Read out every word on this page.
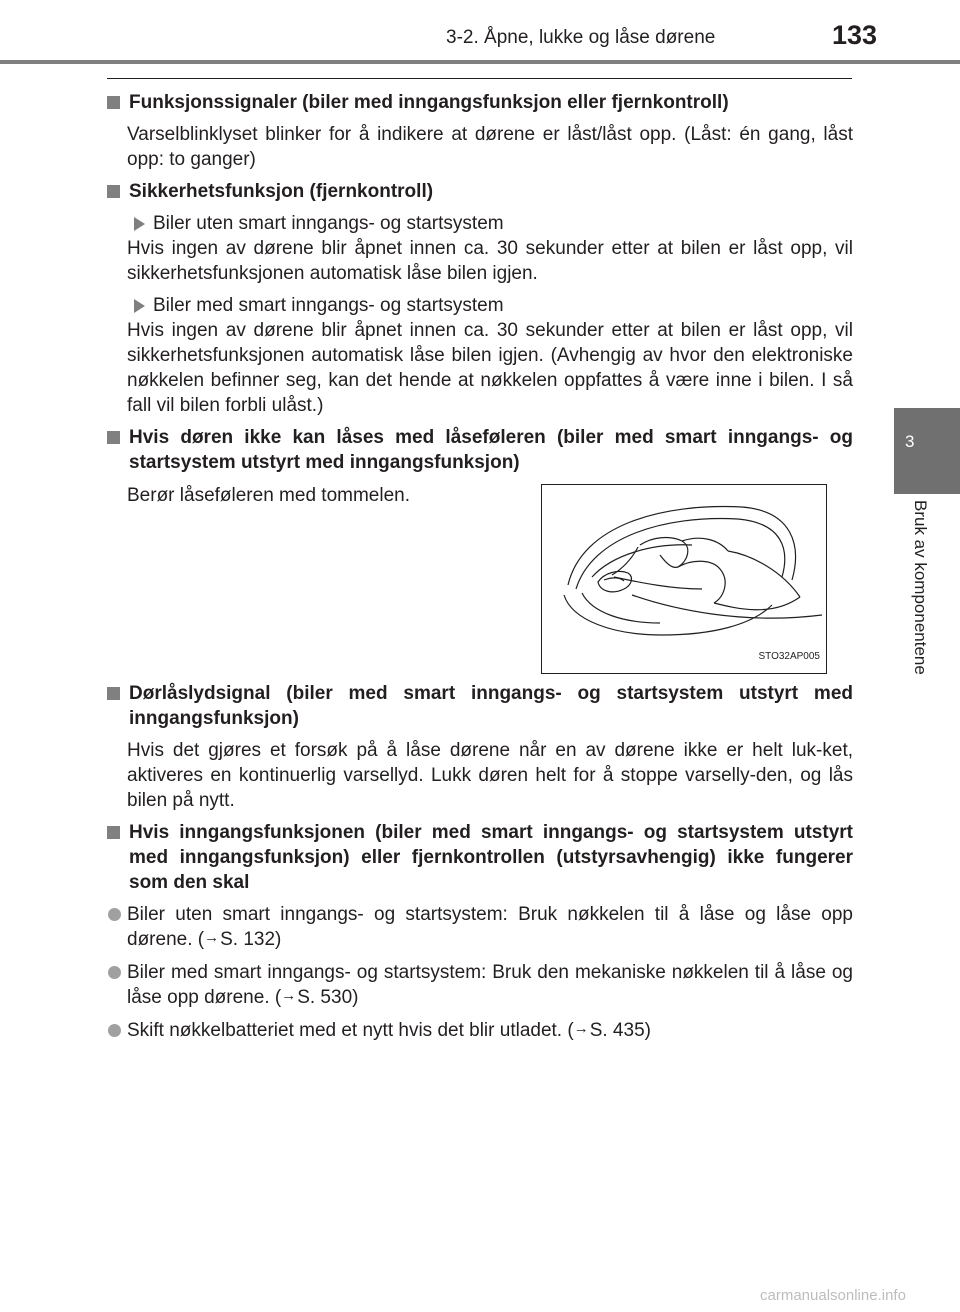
3-2. Åpne, lukke og låse dørene	133
3
Bruk av komponentene
Funksjonssignaler (biler med inngangsfunksjon eller fjernkontroll)
Varselblinklyset blinker for å indikere at dørene er låst/låst opp. (Låst: én gang, låst opp: to ganger)
Sikkerhetsfunksjon (fjernkontroll)
Biler uten smart inngangs- og startsystem
Hvis ingen av dørene blir åpnet innen ca. 30 sekunder etter at bilen er låst opp, vil sikkerhetsfunksjonen automatisk låse bilen igjen.
Biler med smart inngangs- og startsystem
Hvis ingen av dørene blir åpnet innen ca. 30 sekunder etter at bilen er låst opp, vil sikkerhetsfunksjonen automatisk låse bilen igjen. (Avhengig av hvor den elektroniske nøkkelen befinner seg, kan det hende at nøkkelen oppfattes å være inne i bilen. I så fall vil bilen forbli ulåst.)
Hvis døren ikke kan låses med låseføleren (biler med smart inngangs- og startsystem utstyrt med inngangsfunksjon)
Berør låseføleren med tommelen.
STO32AP005
Dørlåslydsignal (biler med smart inngangs- og startsystem utstyrt med inngangsfunksjon)
Hvis det gjøres et forsøk på å låse dørene når en av dørene ikke er helt luk-ket, aktiveres en kontinuerlig varsellyd. Lukk døren helt for å stoppe varselly-den, og lås bilen på nytt.
Hvis inngangsfunksjonen (biler med smart inngangs- og startsystem utstyrt med inngangsfunksjon) eller fjernkontrollen (utstyrsavhengig) ikke fungerer som den skal
Biler uten smart inngangs- og startsystem: Bruk nøkkelen til å låse og låse opp dørene. (→S. 132)
Biler med smart inngangs- og startsystem: Bruk den mekaniske nøkkelen til å låse og låse opp dørene. (→S. 530)
Skift nøkkelbatteriet med et nytt hvis det blir utladet. (→S. 435)
carmanualsonline.info
